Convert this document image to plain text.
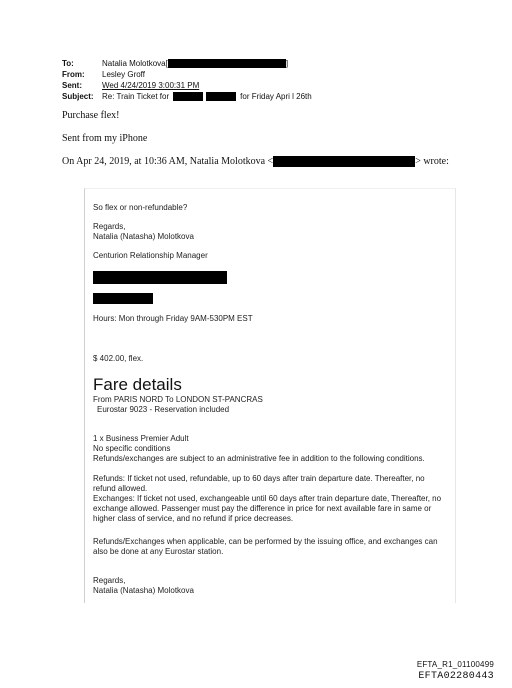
To:	Natalia Molotkova[	]
From:	Lesley Groff
Sent:	Wed 4/24/2019 3:00:31 PM
Subject:	Re: Train Ticket for	for Friday Apri l 26th
Purchase flex!
Sent from my iPhone
On Apr 24, 2019, at 10:36 AM, Natalia Molotkova <	> wrote:
So flex or non-refundable?
Regards,
Natalia (Natasha) Molotkova
Centurion Relationship Manager
Hours: Mon through Friday 9AM-530PM EST
$ 402.00, flex.
Fare details
From PARIS NORD To LONDON ST-PANCRAS
Eurostar 9023 - Reservation included
1 x Business Premier Adult
No specific conditions
Refunds/exchanges are subject to an administrative fee in addition to the following conditions.
Refunds: If ticket not used, refundable, up to 60 days after train departure date. Thereafter, no refund allowed.
Exchanges: If ticket not used, exchangeable until 60 days after train departure date, Thereafter, no exchange allowed. Passenger must pay the difference in price for next available fare in same or higher class of service, and no refund if price decreases.
Refunds/Exchanges when applicable, can be performed by the issuing office, and exchanges can also be done at any Eurostar station.
Regards,
Natalia (Natasha) Molotkova
EFTA_R1_01100499
EFTA02280443
